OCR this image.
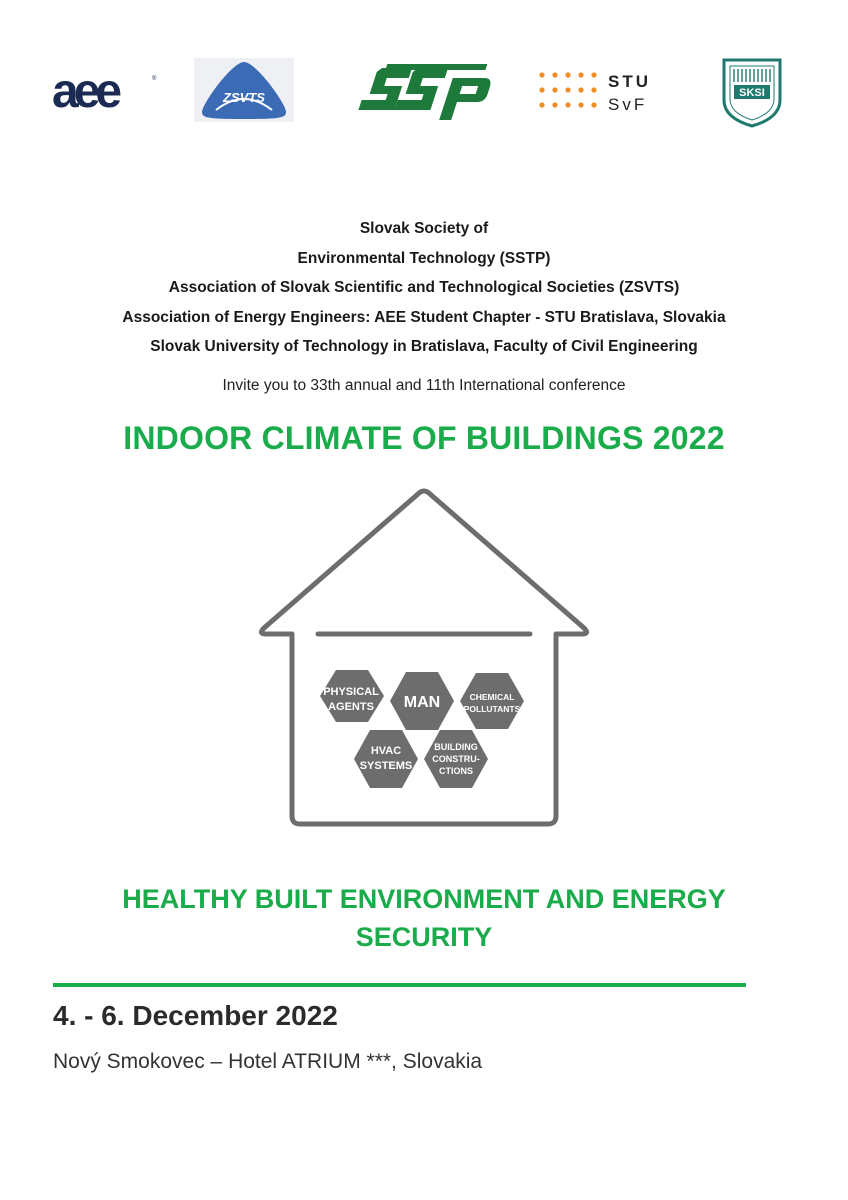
aee	®
ZSVTS
SSTP
STU
SvF
SKSI
Slovak Society of
Environmental Technology (SSTP)
Association of Slovak Scientific and Technological Societies (ZSVTS)
Association of Energy Engineers: AEE Student Chapter - STU Bratislava, Slovakia
Slovak University of Technology in Bratislava, Faculty of Civil Engineering
Invite you to 33th annual and 11th International conference
INDOOR CLIMATE OF BUILDINGS 2022
PHYSICAL
AGENTS MAN	CHEMICAL
POLLUTANTS
HVAC
SYSTEMS
BUILDING
CONSTRU-
CTIONS
HEALTHY BUILT ENVIRONMENT AND ENERGY SECURITY
4. - 6. December 2022
Nový Smokovec – Hotel ATRIUM ***, Slovakia
